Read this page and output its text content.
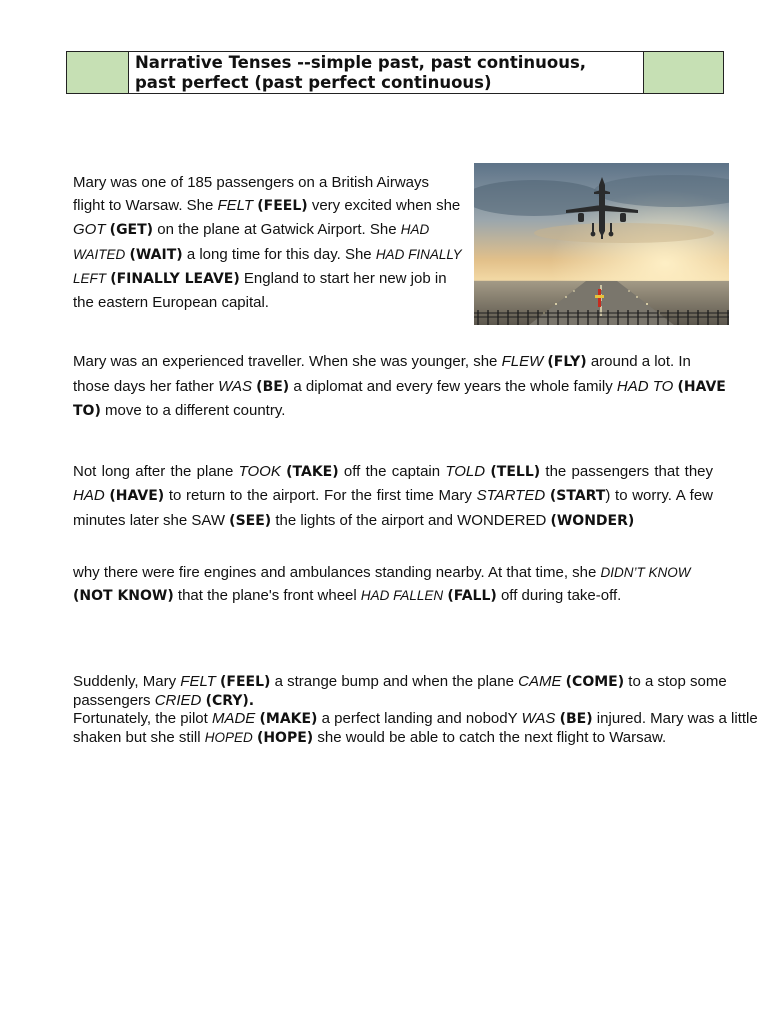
Narrative Tenses --simple past, past continuous,
past perfect (past perfect continuous)

Mary was one of 185 passengers on a British Airways flight to Warsaw. She FELT (FEEL) very excited when she GOT (GET) on the plane at Gatwick Airport. She HAD WAITED (WAIT) a long time for this day. She HAD FINALLY LEFT (FINALLY LEAVE) England to start her new job in the eastern European capital.

Mary was an experienced traveller. When she was younger, she FLEW (FLY) around a lot. In those days her father WAS (BE) a diplomat and every few years the whole family HAD TO (HAVE TO) move to a different country.

Not long after the plane TOOK (TAKE) off the captain TOLD (TELL) the passengers that they HAD (HAVE) to return to the airport. For the first time Mary STARTED (START) to worry. A few minutes later she SAW (SEE) the lights of the airport and WONDERED (WONDER)

why there were fire engines and ambulances standing nearby. At that time, she DIDN’T KNOW (NOT KNOW) that the plane's front wheel HAD FALLEN (FALL) off during take-off.

Suddenly, Mary FELT (FEEL) a strange bump and when the plane CAME (COME) to a stop some passengers CRIED (CRY).

Fortunately, the pilot MADE (MAKE) a perfect landing and nobodY WAS (BE) injured. Mary was a little shaken but she still HOPED (HOPE) she would be able to catch the next flight to Warsaw.
